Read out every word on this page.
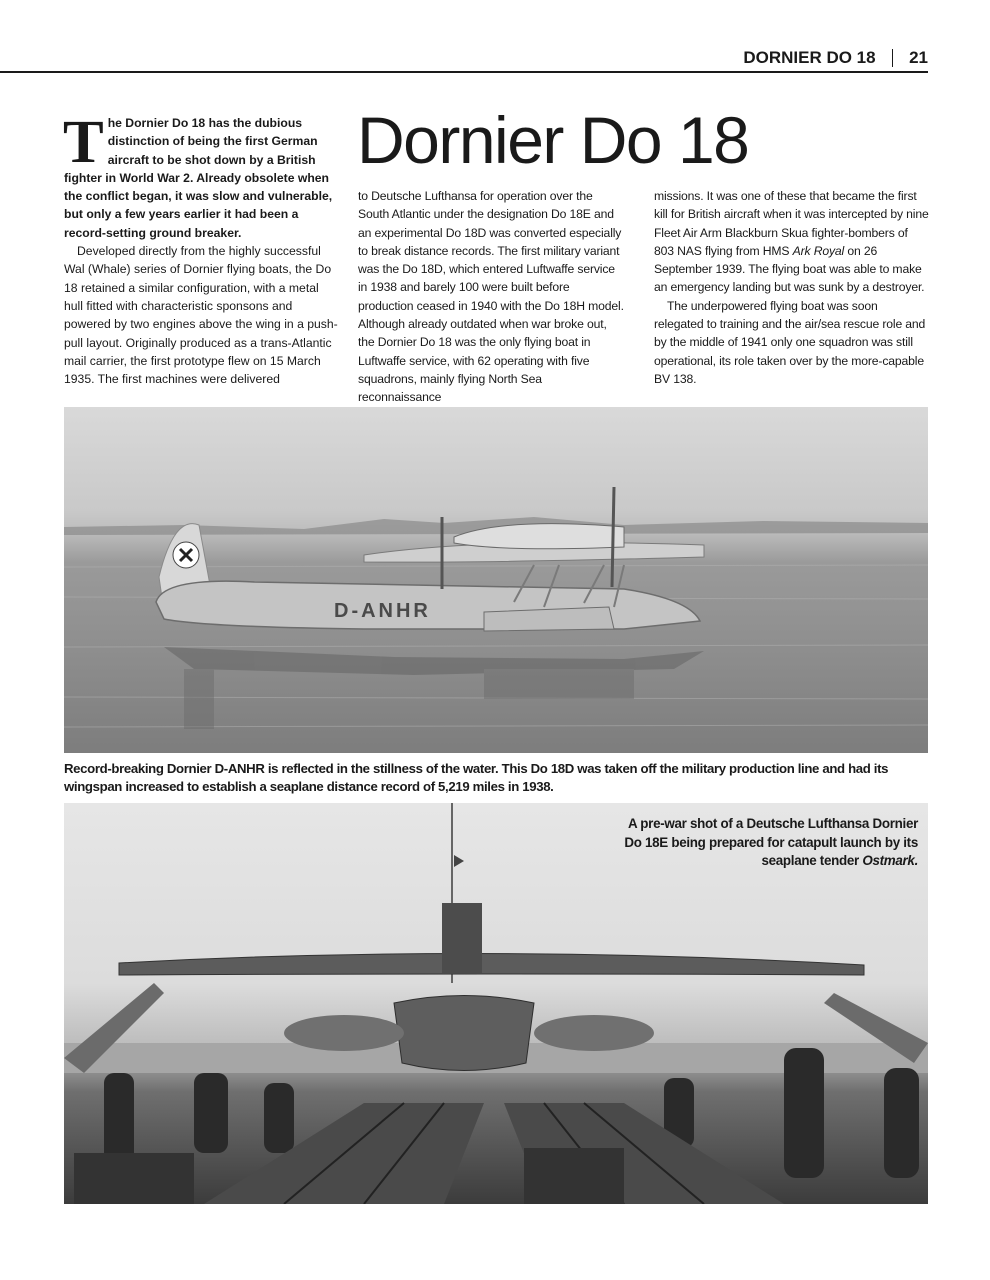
DORNIER DO 18 21
Dornier Do 18

The Dornier Do 18 has the dubious distinction of being the first German aircraft to be shot down by a British fighter in World War 2. Already obsolete when the conflict began, it was slow and vulnerable, but only a few years earlier it had been a record-setting ground breaker.

Developed directly from the highly successful Wal (Whale) series of Dornier flying boats, the Do 18 retained a similar configuration, with a metal hull fitted with characteristic sponsons and powered by two engines above the wing in a push-pull layout. Originally produced as a trans-Atlantic mail carrier, the first prototype flew on 15 March 1935. The first machines were delivered

to Deutsche Lufthansa for operation over the South Atlantic under the designation Do 18E and an experimental Do 18D was converted especially to break distance records. The first military variant was the Do 18D, which entered Luftwaffe service in 1938 and barely 100 were built before production ceased in 1940 with the Do 18H model. Although already outdated when war broke out, the Dornier Do 18 was the only flying boat in Luftwaffe service, with 62 operating with five squadrons, mainly flying North Sea reconnaissance

missions. It was one of these that became the first kill for British aircraft when it was intercepted by nine Fleet Air Arm Blackburn Skua fighter-bombers of 803 NAS flying from HMS Ark Royal on 26 September 1939. The flying boat was able to make an emergency landing but was sunk by a destroyer.

The underpowered flying boat was soon relegated to training and the air/sea rescue role and by the middle of 1941 only one squadron was still operational, its role taken over by the more-capable BV 138.

D-ANHR
Record-breaking Dornier D-ANHR is reflected in the stillness of the water. This Do 18D was taken off the military production line and had its wingspan increased to establish a seaplane distance record of 5,219 miles in 1938.
A pre-war shot of a Deutsche Lufthansa Dornier Do 18E being prepared for catapult launch by its seaplane tender Ostmark.
